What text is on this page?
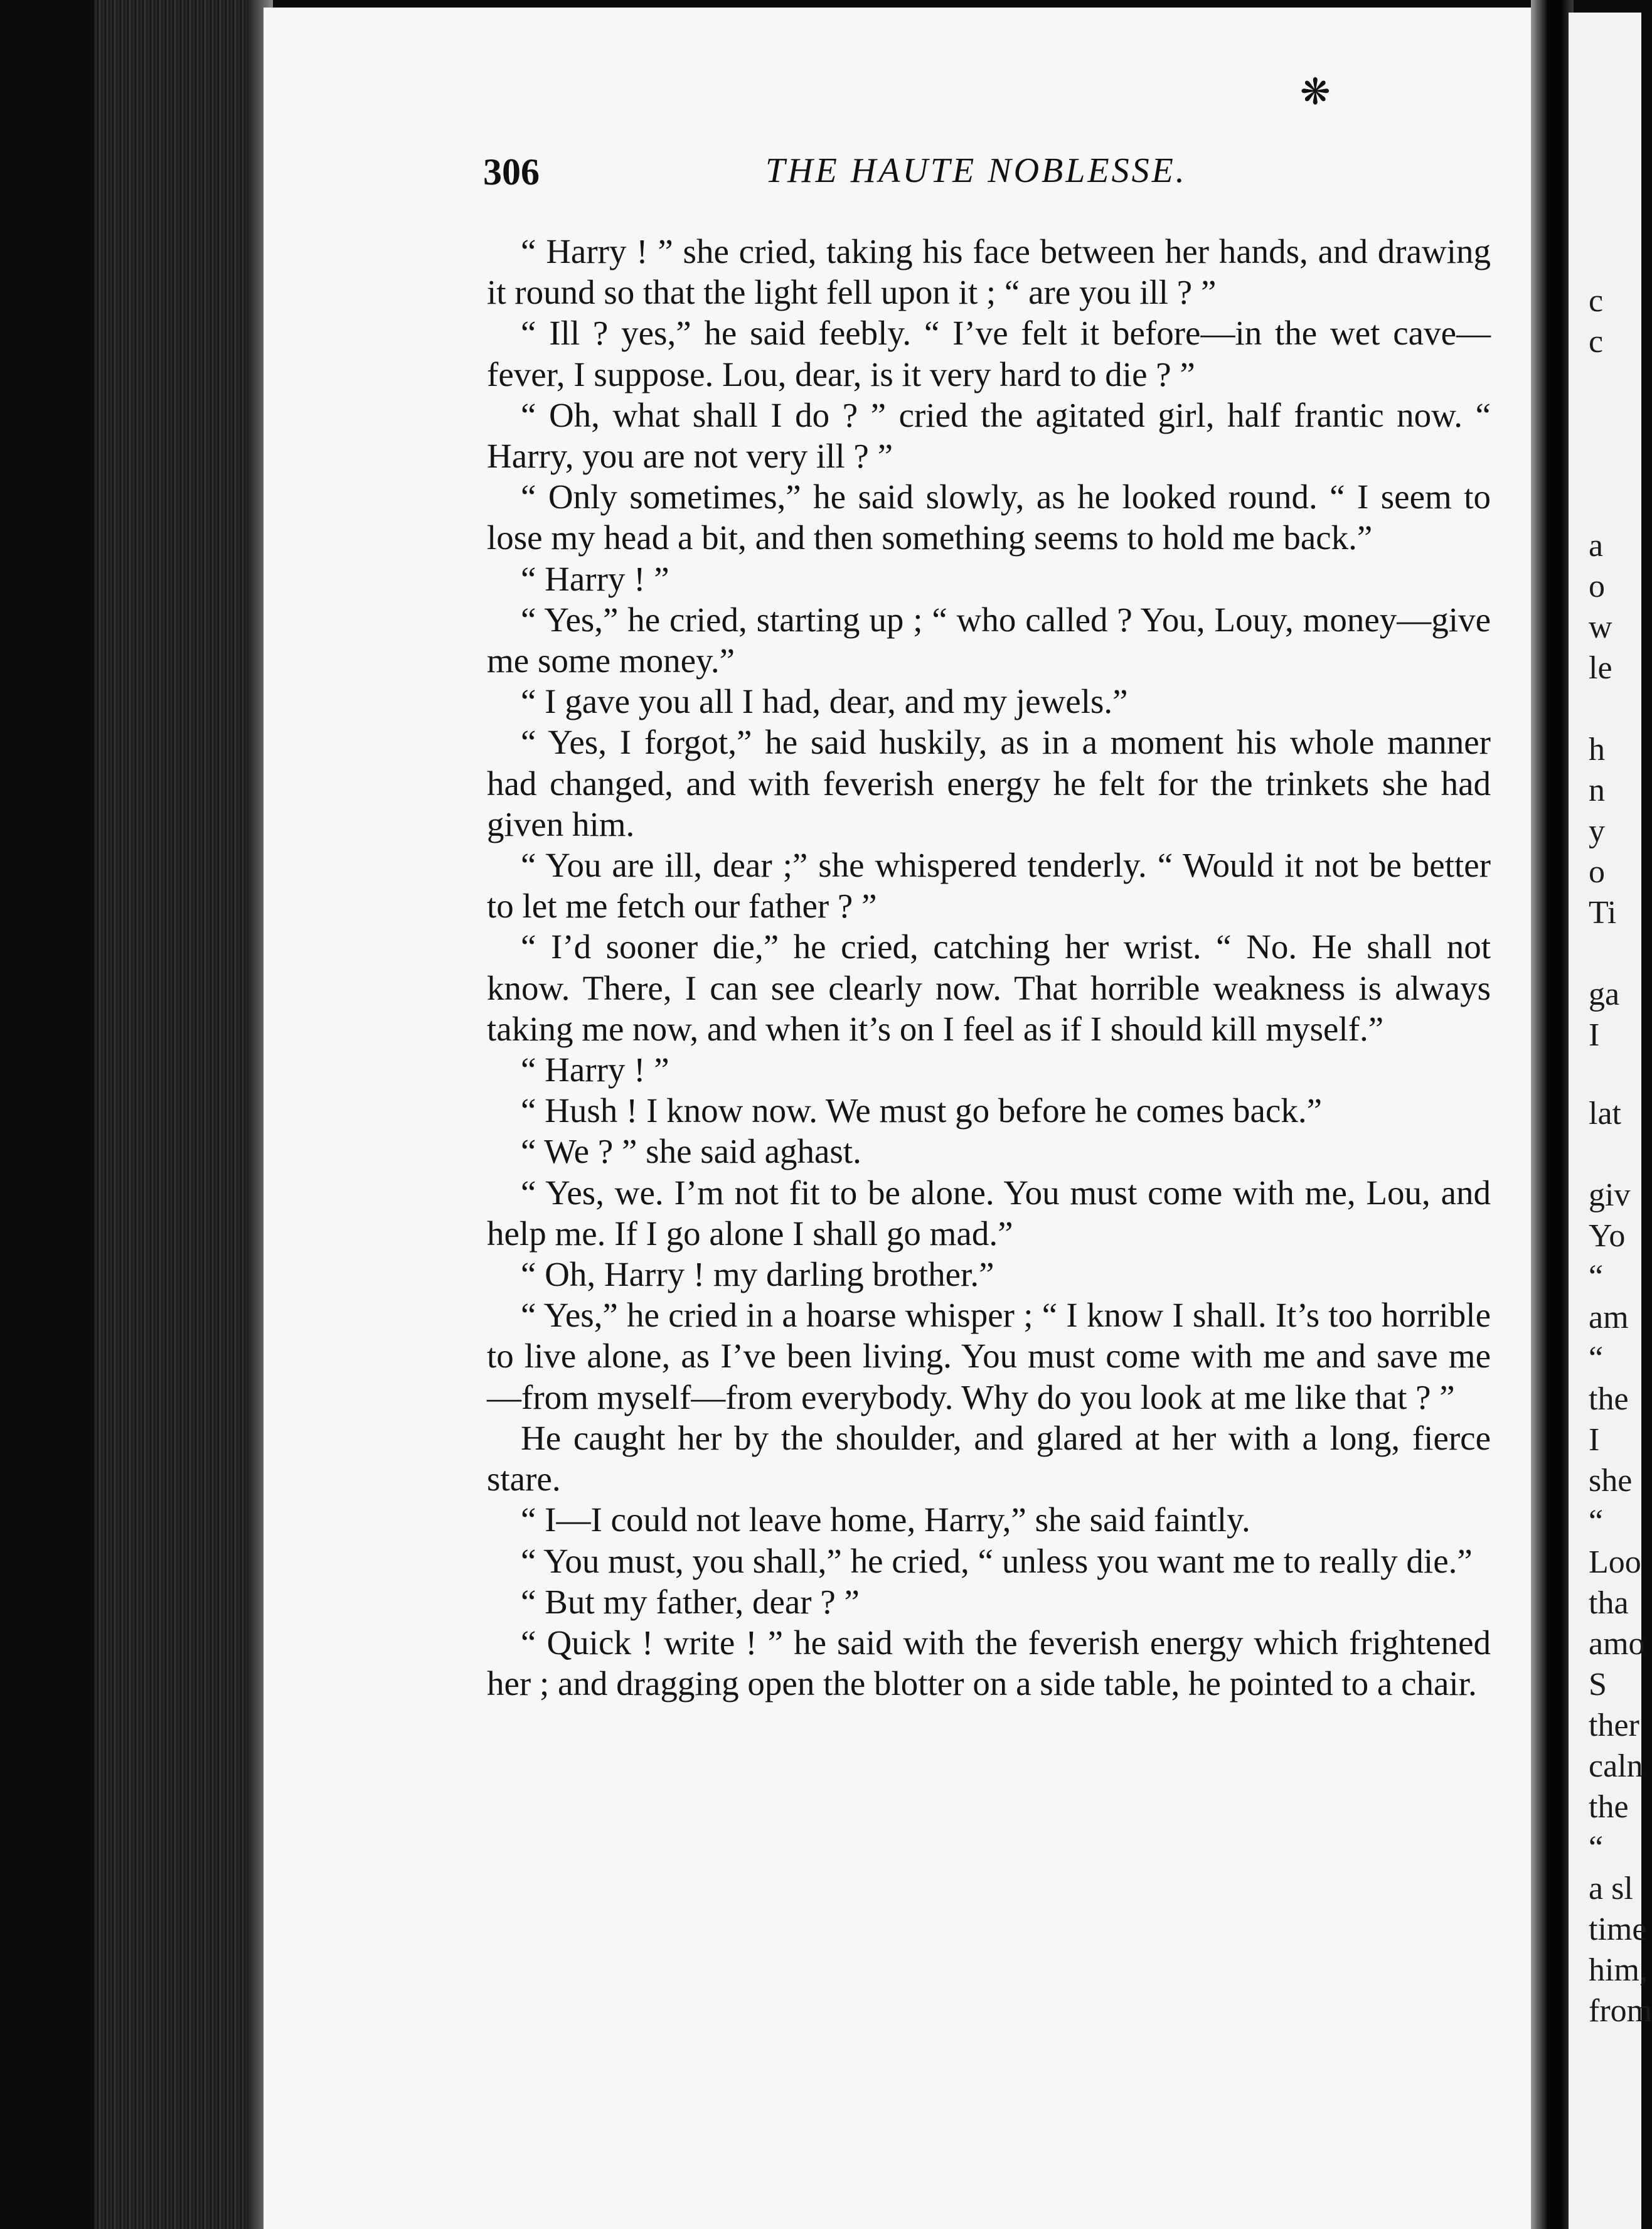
❋
306	THE HAUTE NOBLESSE.

“ Harry ! ” she cried, taking his face between her hands, and drawing it round so that the light fell upon it ; “ are you ill ? ”

“ Ill ? yes,” he said feebly. “ I’ve felt it before—in the wet cave—fever, I suppose. Lou, dear, is it very hard to die ? ”

“ Oh, what shall I do ? ” cried the agitated girl, half frantic now. “ Harry, you are not very ill ? ”

“ Only sometimes,” he said slowly, as he looked round. “ I seem to lose my head a bit, and then something seems to hold me back.”

“ Harry ! ”

“ Yes,” he cried, starting up ; “ who called ? You, Louy, money—give me some money.”

“ I gave you all I had, dear, and my jewels.”

“ Yes, I forgot,” he said huskily, as in a moment his whole manner had changed, and with feverish energy he felt for the trinkets she had given him.

“ You are ill, dear ;” she whispered tenderly. “ Would it not be better to let me fetch our father ? ”

“ I’d sooner die,” he cried, catching her wrist. “ No. He shall not know. There, I can see clearly now. That horrible weakness is always taking me now, and when it’s on I feel as if I should kill myself.”

“ Harry ! ”

“ Hush ! I know now. We must go before he comes back.”

“ We ? ” she said aghast.

“ Yes, we. I’m not fit to be alone. You must come with me, Lou, and help me. If I go alone I shall go mad.”

“ Oh, Harry ! my darling brother.”

“ Yes,” he cried in a hoarse whisper ; “ I know I shall. It’s too horrible to live alone, as I’ve been living. You must come with me and save me—from myself—from everybody. Why do you look at me like that ? ”

He caught her by the shoulder, and glared at her with a long, fierce stare.

“ I—I could not leave home, Harry,” she said faintly.

“ You must, you shall,” he cried, “ unless you want me to really die.”

“ But my father, dear ? ”

“ Quick ! write ! ” he said with the feverish energy which frightened her ; and dragging open the blotter on a side table, he pointed to a chair.

c
c
a
o
w
le
h
n
y
o
Ti
ga
I
lat
giv
Yo
“
am
“
the
I
she
“
Loo
tha
amo
S
ther
caln
the
“
a sl
time
him,
from
